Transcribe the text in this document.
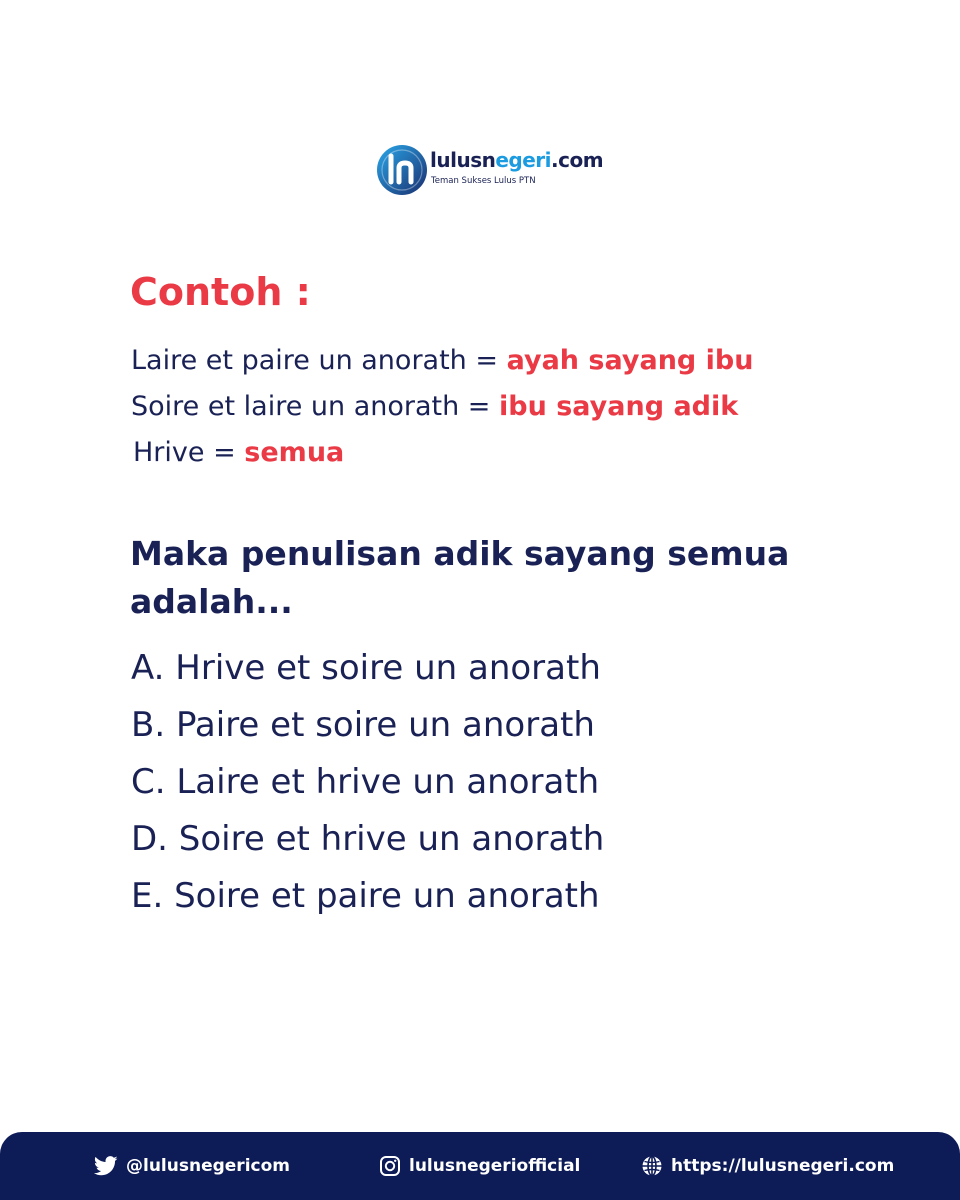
lulusnegeri.com
Teman Sukses Lulus PTN
Contoh :
Laire et paire un anorath = ayah sayang ibu
Soire et laire un anorath = ibu sayang adik
Hrive = semua

Maka penulisan adik sayang semua adalah...

A. Hrive et soire un anorath
B. Paire et soire un anorath
C. Laire et hrive un anorath
D. Soire et hrive un anorath
E. Soire et paire un anorath
@lulusnegericom	lulusnegeriofficial	https://lulusnegeri.com
